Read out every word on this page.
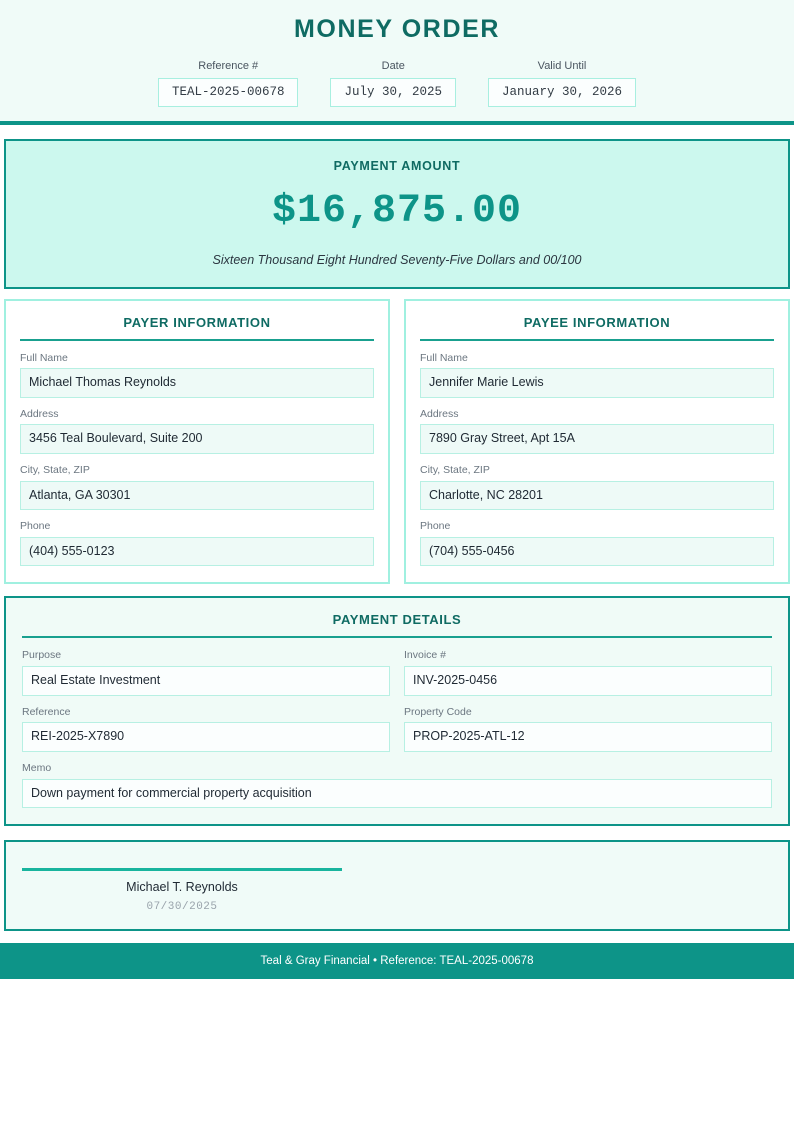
MONEY ORDER
Reference #
TEAL-2025-00678
Date
July 30, 2025
Valid Until
January 30, 2026
PAYMENT AMOUNT
$16,875.00
Sixteen Thousand Eight Hundred Seventy-Five Dollars and 00/100
PAYER INFORMATION
Full Name
Michael Thomas Reynolds
Address
3456 Teal Boulevard, Suite 200
City, State, ZIP
Atlanta, GA 30301
Phone
(404) 555-0123
PAYEE INFORMATION
Full Name
Jennifer Marie Lewis
Address
7890 Gray Street, Apt 15A
City, State, ZIP
Charlotte, NC 28201
Phone
(704) 555-0456
PAYMENT DETAILS
Purpose
Real Estate Investment
Reference
REI-2025-X7890
Invoice #
INV-2025-0456
Property Code
PROP-2025-ATL-12
Memo
Down payment for commercial property acquisition
Michael T. Reynolds
07/30/2025
Teal & Gray Financial • Reference: TEAL-2025-00678
